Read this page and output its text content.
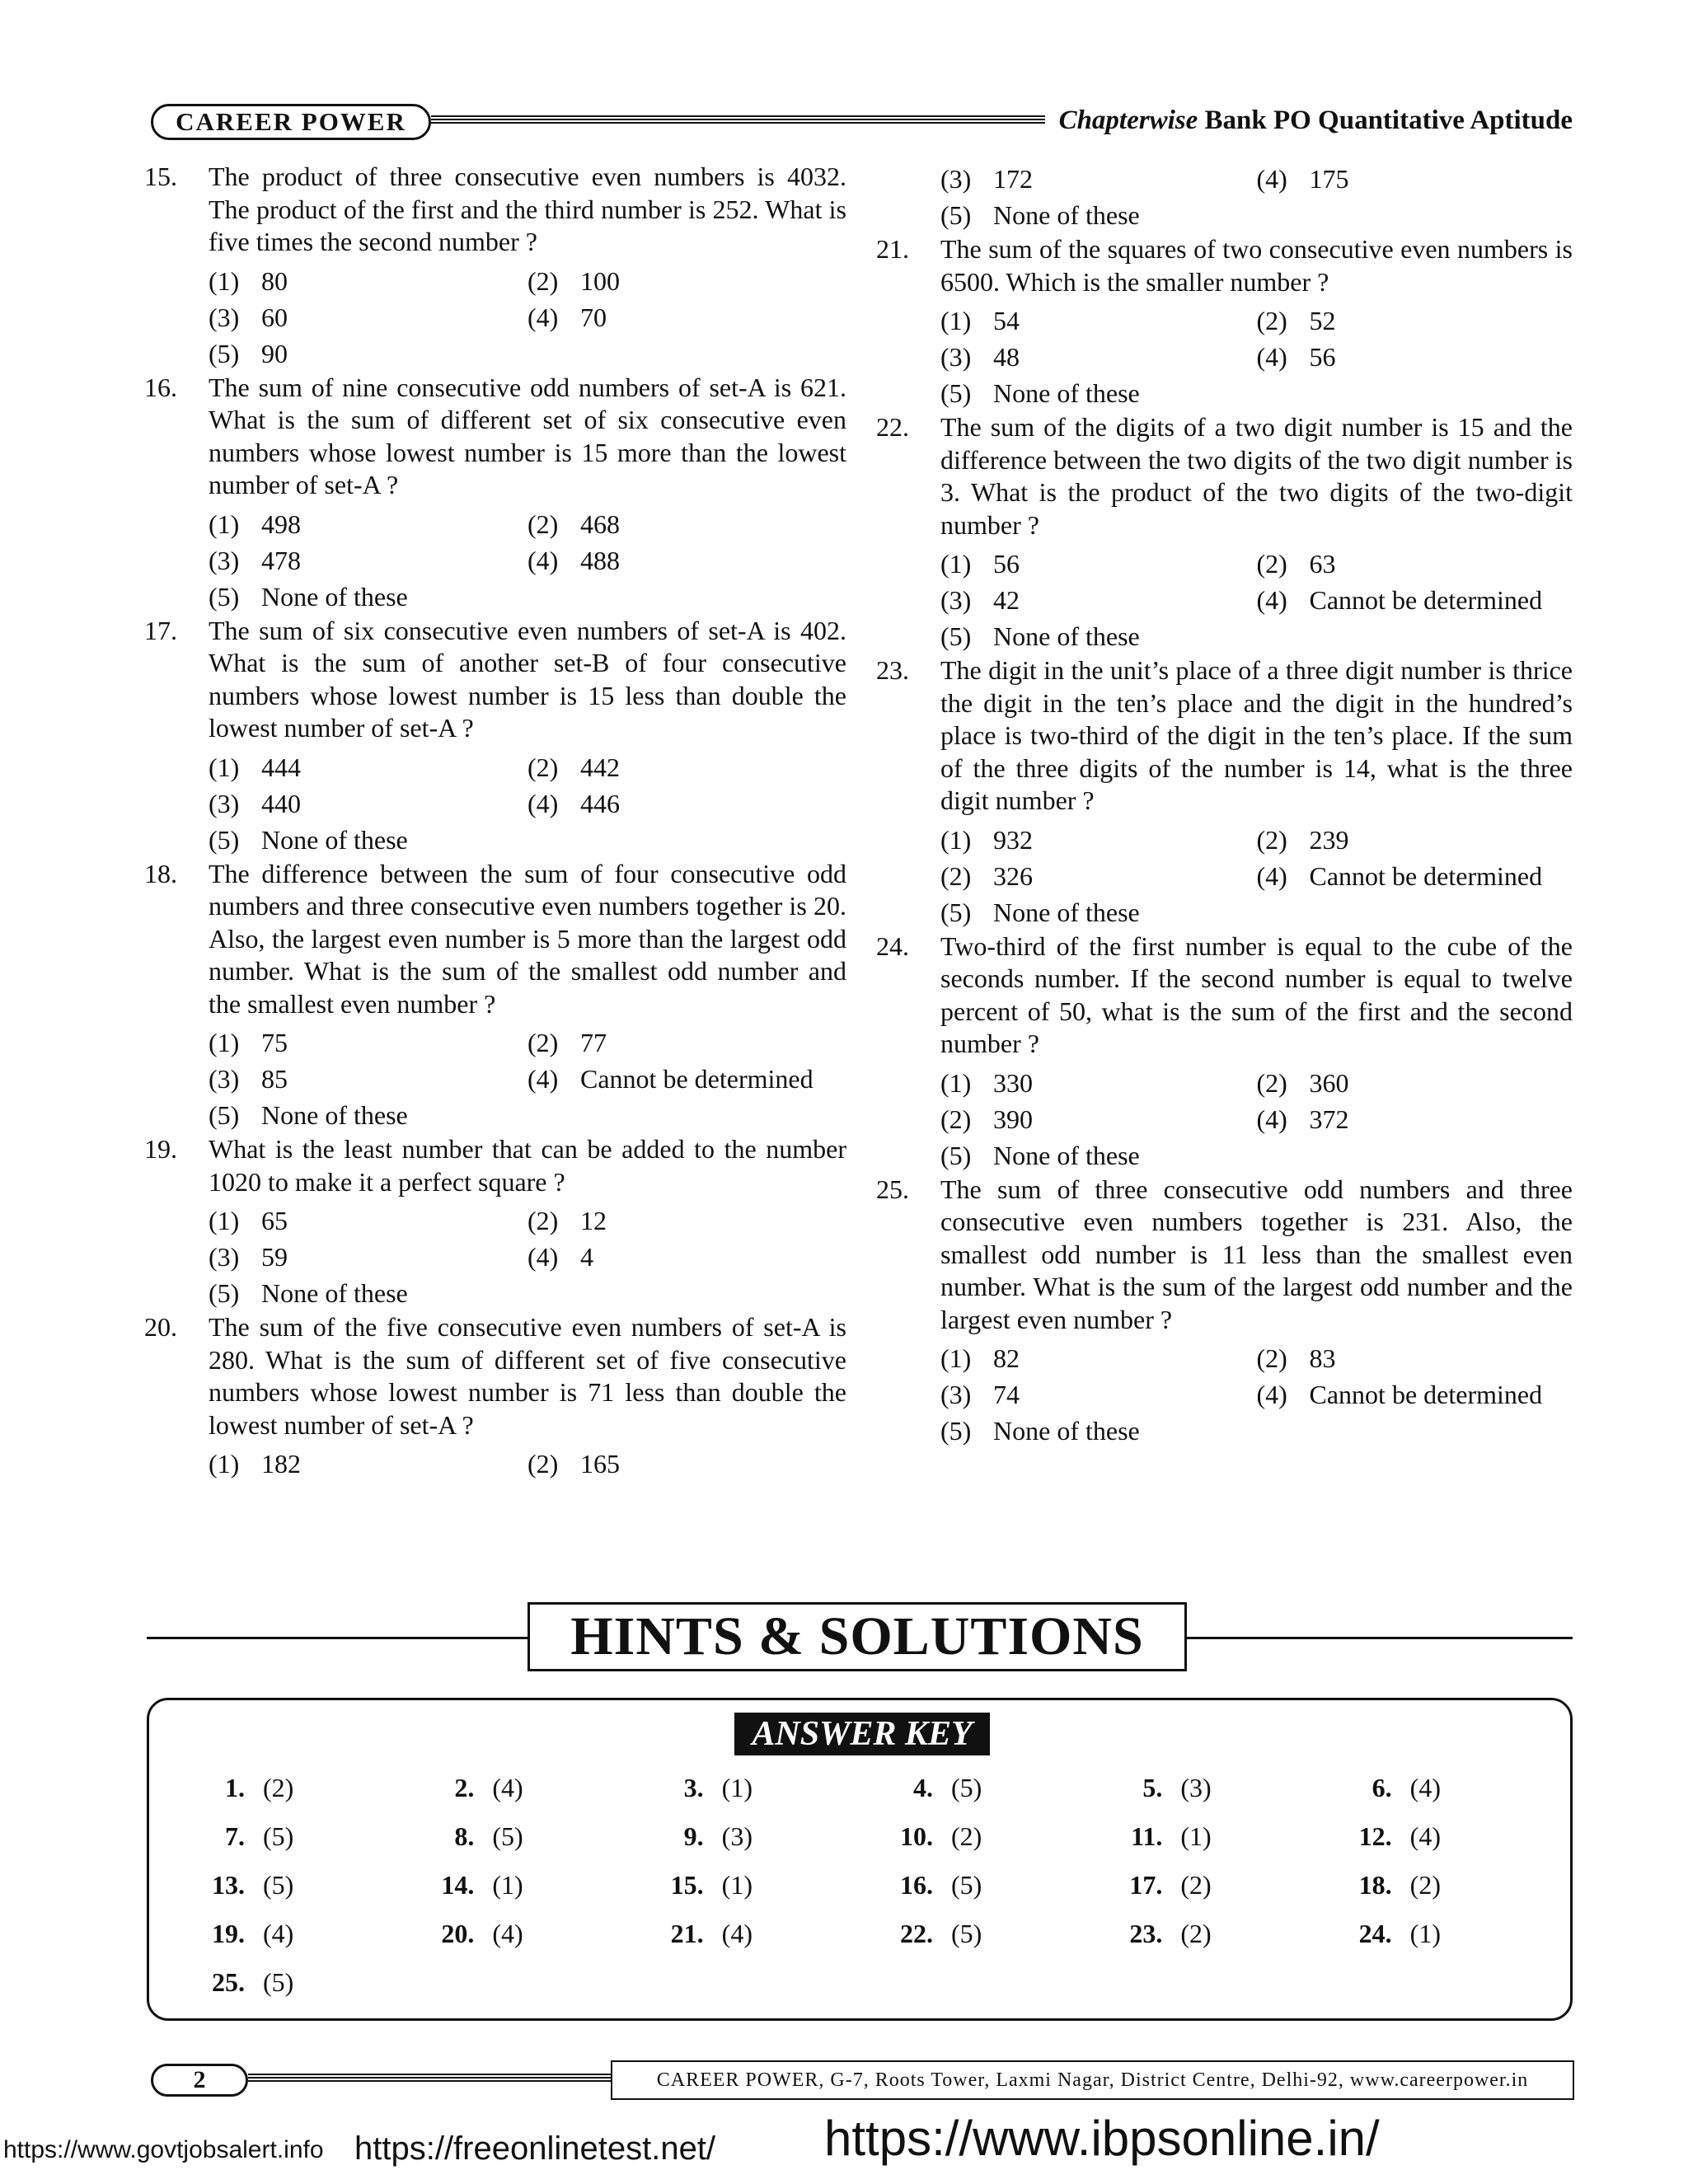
CAREER POWER	Chapterwise Bank PO Quantitative Aptitude
15. The product of three consecutive even numbers is 4032. The product of the first and the third number is 252. What is five times the second number ?
(1) 80	(2) 100
(3) 60	(4) 70
(5) 90
16. The sum of nine consecutive odd numbers of set-A is 621. What is the sum of different set of six consecutive even numbers whose lowest number is 15 more than the lowest number of set-A ?
(1) 498	(2) 468
(3) 478	(4) 488
(5) None of these
17. The sum of six consecutive even numbers of set-A is 402. What is the sum of another set-B of four consecutive numbers whose lowest number is 15 less than double the lowest number of set-A ?
(1) 444	(2) 442
(3) 440	(4) 446
(5) None of these
18. The difference between the sum of four consecutive odd numbers and three consecutive even numbers together is 20. Also, the largest even number is 5 more than the largest odd number. What is the sum of the smallest odd number and the smallest even number ?
(1) 75	(2) 77
(3) 85	(4) Cannot be determined
(5) None of these
19. What is the least number that can be added to the number 1020 to make it a perfect square ?
(1) 65	(2) 12
(3) 59	(4) 4
(5) None of these
20. The sum of the five consecutive even numbers of set-A is 280. What is the sum of different set of five consecutive numbers whose lowest number is 71 less than double the lowest number of set-A ?
(1) 182	(2) 165
(3) 172	(4) 175
(5) None of these
21. The sum of the squares of two consecutive even numbers is 6500. Which is the smaller number ?
(1) 54	(2) 52
(3) 48	(4) 56
(5) None of these
22. The sum of the digits of a two digit number is 15 and the difference between the two digits of the two digit number is 3. What is the product of the two digits of the two-digit number ?
(1) 56	(2) 63
(3) 42	(4) Cannot be determined
(5) None of these
23. The digit in the unit’s place of a three digit number is thrice the digit in the ten’s place and the digit in the hundred’s place is two-third of the digit in the ten’s place. If the sum of the three digits of the number is 14, what is the three digit number ?
(1) 932	(2) 239
(2) 326	(4) Cannot be determined
(5) None of these
24. Two-third of the first number is equal to the cube of the seconds number. If the second number is equal to twelve percent of 50, what is the sum of the first and the second number ?
(1) 330	(2) 360
(2) 390	(4) 372
(5) None of these
25. The sum of three consecutive odd numbers and three consecutive even numbers together is 231. Also, the smallest odd number is 11 less than the smallest even number. What is the sum of the largest odd number and the largest even number ?
(1) 82	(2) 83
(3) 74	(4) Cannot be determined
(5) None of these
HINTS & SOLUTIONS
ANSWER KEY
1. (2)	2. (4)	3. (1)	4. (5)	5. (3)	6. (4)
7. (5)	8. (5)	9. (3)	10. (2)	11. (1)	12. (4)
13. (5)	14. (1)	15. (1)	16. (5)	17. (2)	18. (2)
19. (4)	20. (4)	21. (4)	22. (5)	23. (2)	24. (1)
25. (5)
2	CAREER POWER, G-7, Roots Tower, Laxmi Nagar, District Centre, Delhi-92, www.careerpower.in
https://www.govtjobsalert.info https://freeonlinetest.net/ https://www.ibpsonline.in/
